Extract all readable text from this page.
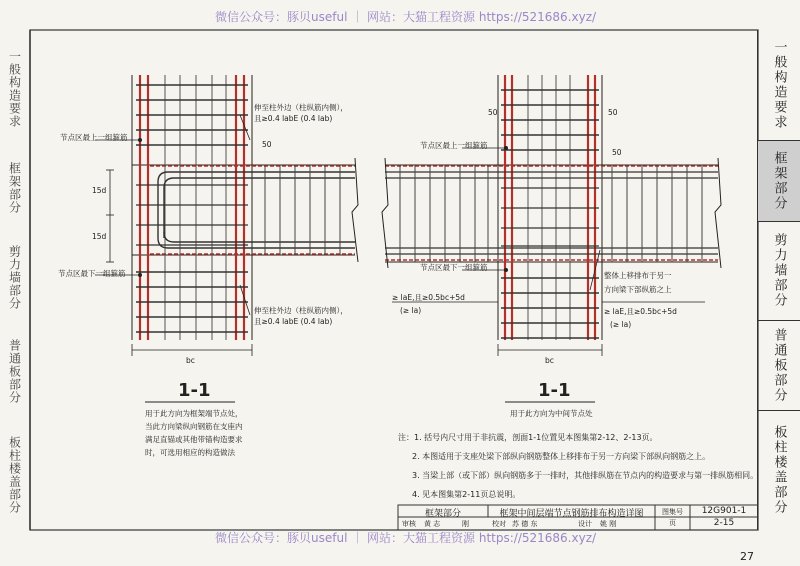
微信公众号：豚贝useful ｜ 网站：大猫工程资源 https://521686.xyz/
微信公众号：豚贝useful ｜ 网站：大猫工程资源 https://521686.xyz/
一般构造要求
框架部分
剪力墙部分
普通板部分
板柱楼盖部分
一般构造要求
框架部分
剪力墙部分
普通板部分
板柱楼盖部分
伸至柱外边（柱纵筋内侧），
且≥0.4 labE (0.4 lab)
节点区最上一组箍筋
50
15d
15d
节点区最下一组箍筋
伸至柱外边（柱纵筋内侧），
且≥0.4 labE (0.4 lab)
bc
1-1
用于此方向为框架端节点处，
当此方向梁纵向钢筋在支座内
满足直锚或其他带锚构造要求
时，可选用相应的构造做法
50	50
50
节点区最上一组箍筋
节点区最下一组箍筋
整体上移排布于另一
方向梁下部纵筋之上
≥ laE,且≥0.5bc+5d
(≥ la)	≥ laE,且≥0.5bc+5d
(≥ la)
bc
1-1
用于此方向为中间节点处
注：1. 括号内尺寸用于非抗震，剖面1-1位置见本图集第2-12、2-13页。
2. 本图适用于支座处梁下部纵向钢筋整体上移排布于另一方向梁下部纵向钢筋之上。
3. 当梁上部（或下部）纵向钢筋多于一排时，其他排纵筋在节点内的构造要求与第一排纵筋相同。
4. 见本图集第2-11页总说明。
框架部分	框架中间层端节点钢筋排布构造详图	图集号	12G901-1
页	2-15
审核 黄 志	刚	校对 苏 德 东	设计 姚 刚
27
